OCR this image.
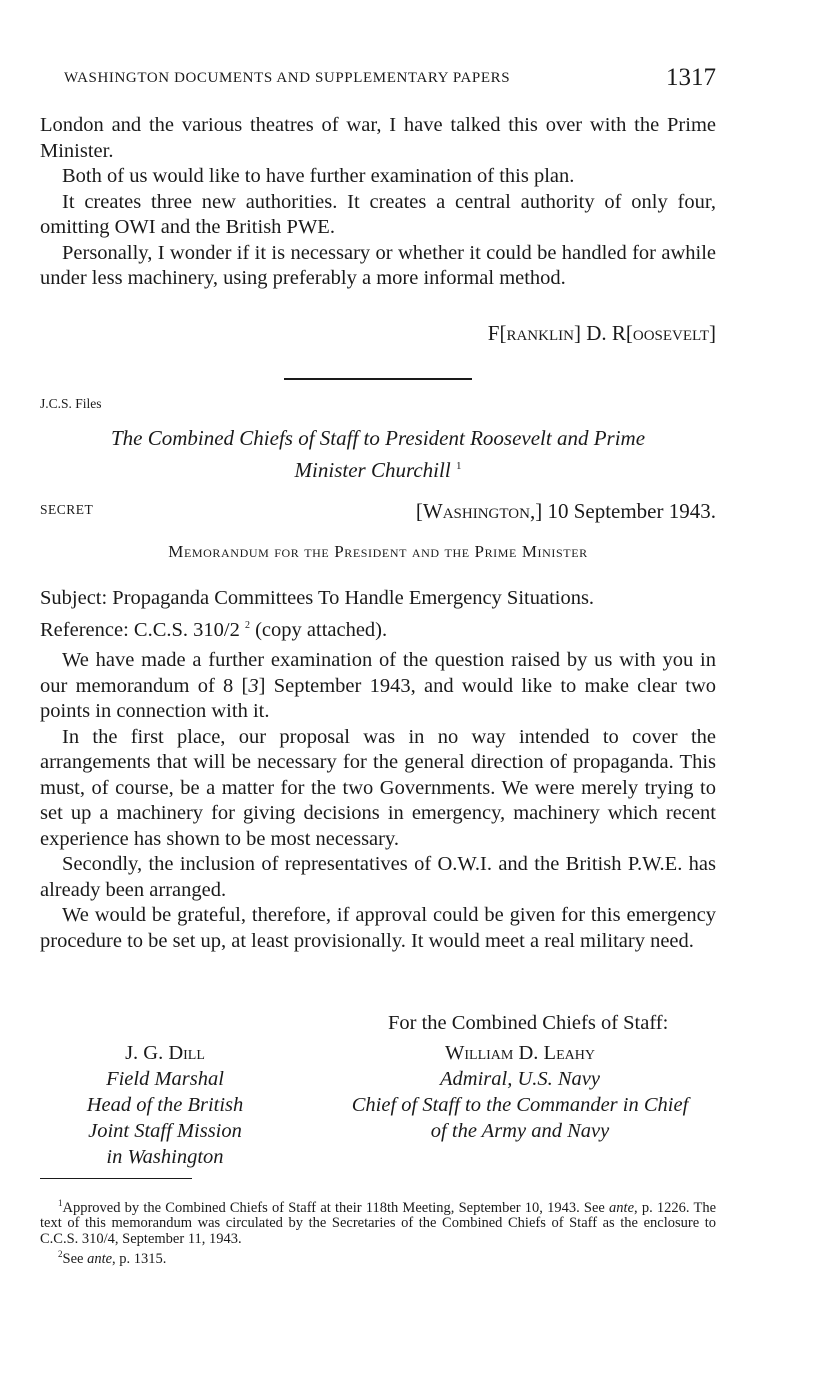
WASHINGTON DOCUMENTS AND SUPPLEMENTARY PAPERS	1317

London and the various theatres of war, I have talked this over with the Prime Minister.

Both of us would like to have further examination of this plan.

It creates three new authorities. It creates a central authority of only four, omitting OWI and the British PWE.

Personally, I wonder if it is necessary or whether it could be handled for awhile under less machinery, using preferably a more informal method.

F[ranklin] D. R[oosevelt]
J.C.S. Files
The Combined Chiefs of Staff to President Roosevelt and Prime
Minister Churchill $^1$
SECRET	[Washington,] 10 September 1943.
Memorandum for the President and the Prime Minister
Subject: Propaganda Committees To Handle Emergency Situations.
Reference: C.C.S. 310/2 $^2$ (copy attached).

We have made a further examination of the question raised by us with you in our memorandum of 8 [3] September 1943, and would like to make clear two points in connection with it.

In the first place, our proposal was in no way intended to cover the arrangements that will be necessary for the general direction of propaganda. This must, of course, be a matter for the two Governments. We were merely trying to set up a machinery for giving decisions in emergency, machinery which recent experience has shown to be most necessary.

Secondly, the inclusion of representatives of O.W.I. and the British P.W.E. has already been arranged.

We would be grateful, therefore, if approval could be given for this emergency procedure to be set up, at least provisionally. It would meet a real military need.

For the Combined Chiefs of Staff:
J. G. Dill
Field Marshal
Head of the British
Joint Staff Mission
in Washington
William D. Leahy
Admiral, U.S. Navy
Chief of Staff to the Commander in Chief
of the Army and Navy

$^1$Approved by the Combined Chiefs of Staff at their 118th Meeting, September 10, 1943. See ante, p. 1226. The text of this memorandum was circulated by the Secretaries of the Combined Chiefs of Staff as the enclosure to C.C.S. 310/4, September 11, 1943.

$^2$See ante, p. 1315.
